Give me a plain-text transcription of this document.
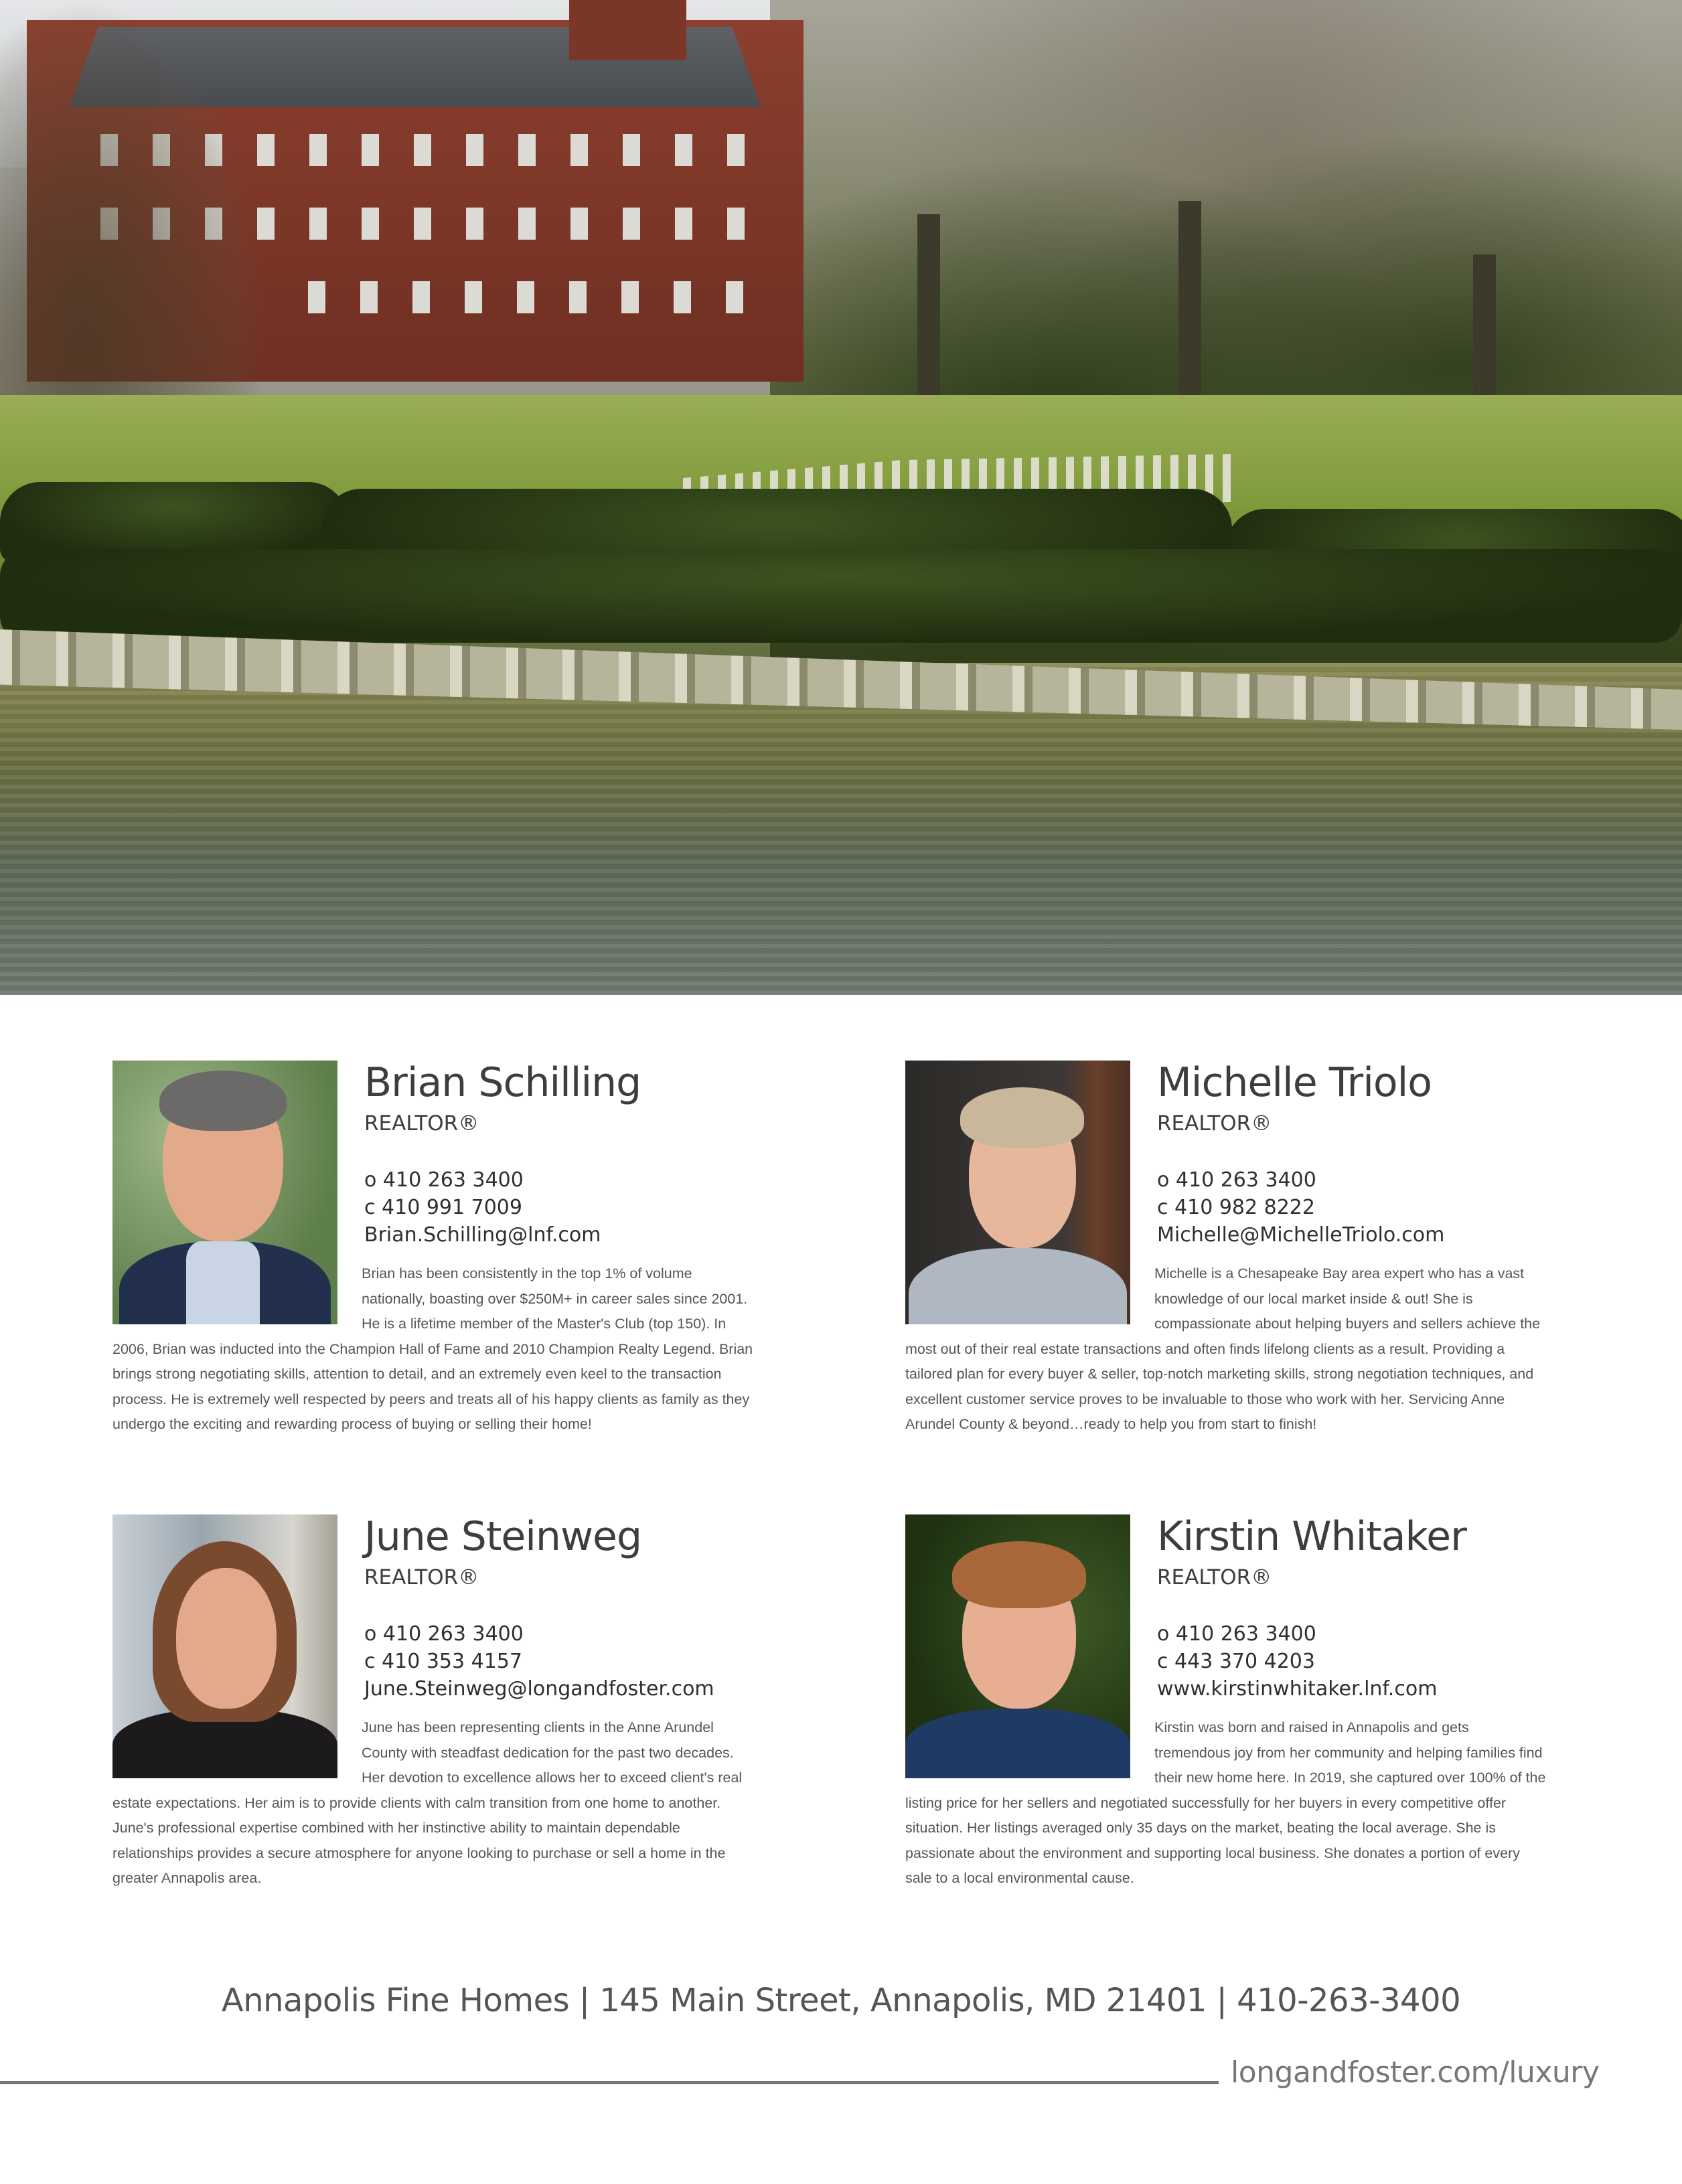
Brian Schilling
REALTOR®
o 410 263 3400
c 410 991 7009
Brian.Schilling@lnf.com

Brian has been consistently in the top 1% of volume nationally, boasting over $250M+ in career sales since 2001. He is a lifetime member of the Master's Club (top 150). In 2006, Brian was inducted into the Champion Hall of Fame and 2010 Champion Realty Legend. Brian brings strong negotiating skills, attention to detail, and an extremely even keel to the transaction process. He is extremely well respected by peers and treats all of his happy clients as family as they undergo the exciting and rewarding process of buying or selling their home!

Michelle Triolo
REALTOR®
o 410 263 3400
c 410 982 8222
Michelle@MichelleTriolo.com

Michelle is a Chesapeake Bay area expert who has a vast knowledge of our local market inside & out! She is compassionate about helping buyers and sellers achieve the most out of their real estate transactions and often finds lifelong clients as a result. Providing a tailored plan for every buyer & seller, top-notch marketing skills, strong negotiation techniques, and excellent customer service proves to be invaluable to those who work with her. Servicing Anne Arundel County & beyond…ready to help you from start to finish!

June Steinweg
REALTOR®
o 410 263 3400
c 410 353 4157
June.Steinweg@longandfoster.com

June has been representing clients in the Anne Arundel County with steadfast dedication for the past two decades. Her devotion to excellence allows her to exceed client's real estate expectations. Her aim is to provide clients with calm transition from one home to another. June's professional expertise combined with her instinctive ability to maintain dependable relationships provides a secure atmosphere for anyone looking to purchase or sell a home in the greater Annapolis area.

Kirstin Whitaker
REALTOR®
o 410 263 3400
c 443 370 4203
www.kirstinwhitaker.lnf.com

Kirstin was born and raised in Annapolis and gets tremendous joy from her community and helping families find their new home here. In 2019, she captured over 100% of the listing price for her sellers and negotiated successfully for her buyers in every competitive offer situation. Her listings averaged only 35 days on the market, beating the local average. She is passionate about the environment and supporting local business. She donates a portion of every sale to a local environmental cause.

Annapolis Fine Homes | 145 Main Street, Annapolis, MD 21401 | 410-263-3400
longandfoster.com/luxury
